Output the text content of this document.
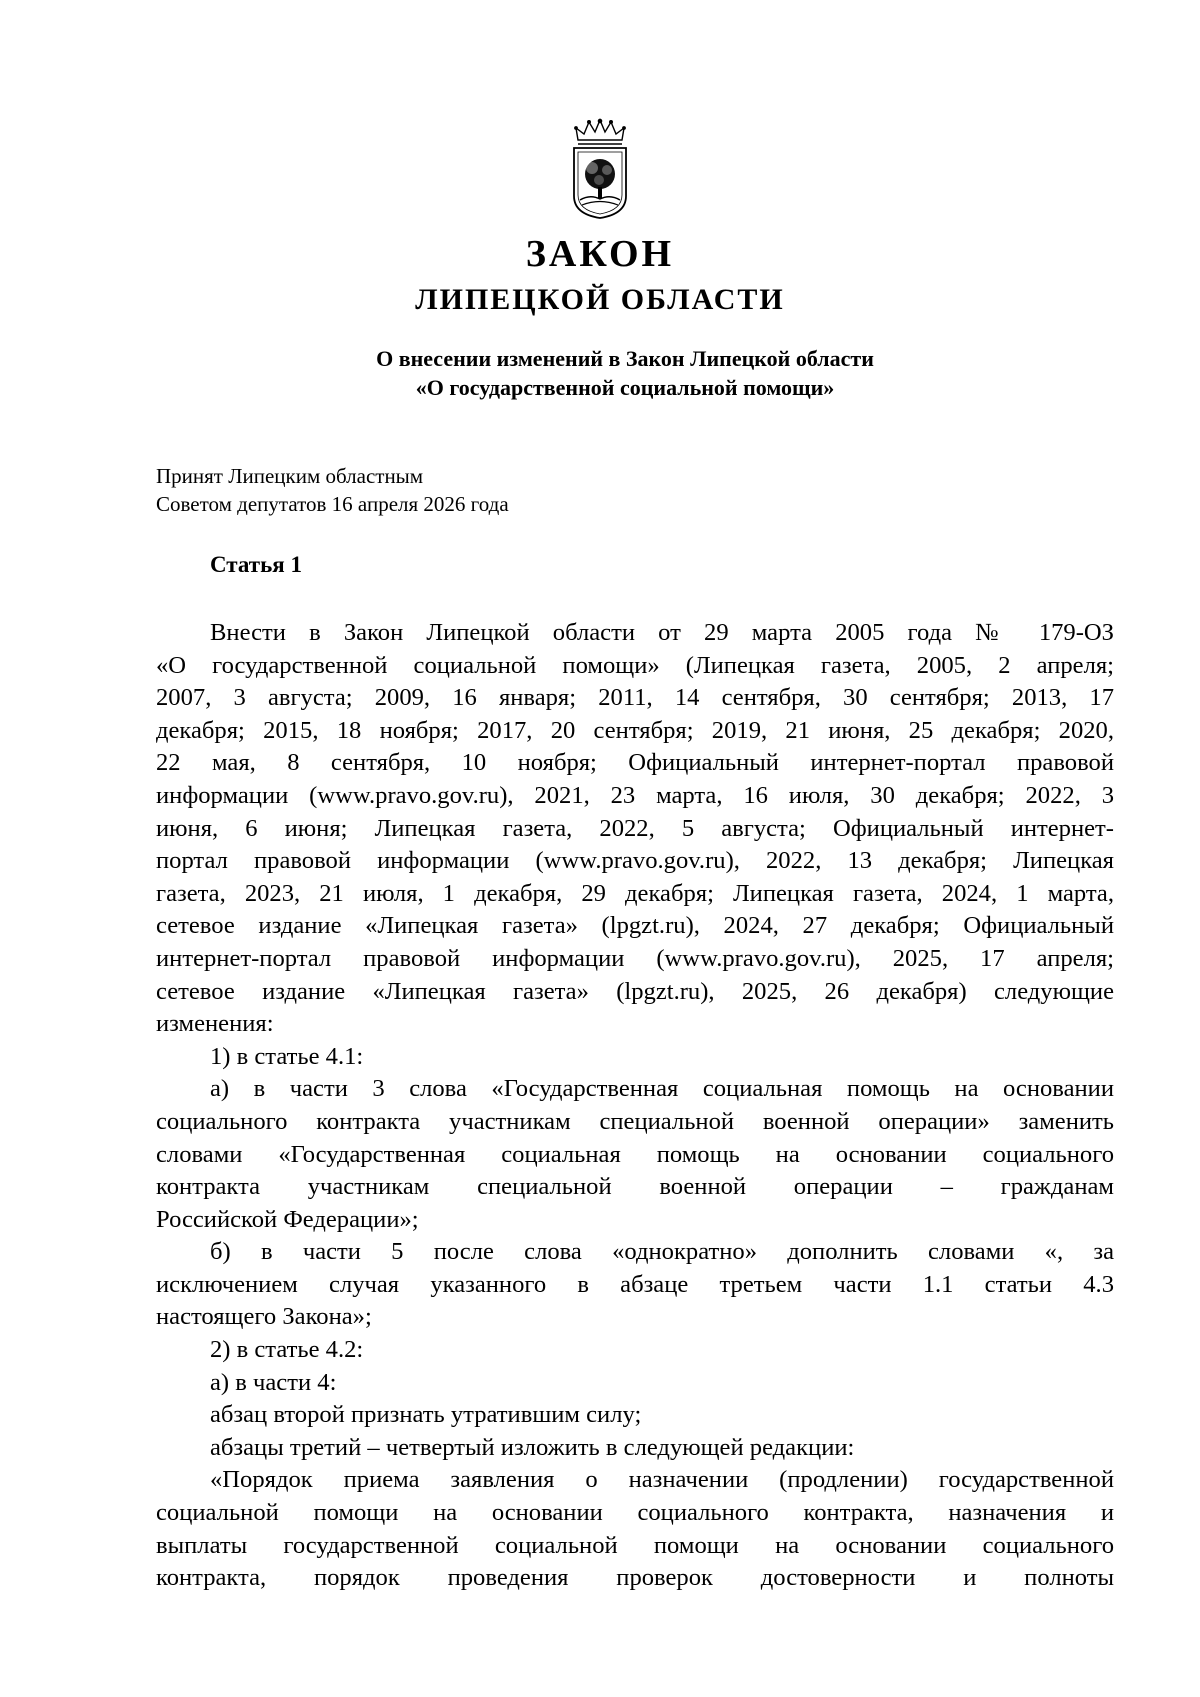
ЗАКОН
ЛИПЕЦКОЙ ОБЛАСТИ
О внесении изменений в Закон Липецкой области
«О государственной социальной помощи»
Принят Липецким областным
Советом депутатов 16 апреля 2026 года
Статья 1
Внести в Закон Липецкой области от 29 марта 2005 года № 179-ОЗ
«О государственной социальной помощи» (Липецкая газета, 2005, 2 апреля;
2007, 3 августа; 2009, 16 января; 2011, 14 сентября, 30 сентября; 2013, 17
декабря; 2015, 18 ноября; 2017, 20 сентября; 2019, 21 июня, 25 декабря; 2020,
22 мая, 8 сентября, 10 ноября; Официальный интернет-портал правовой
информации (www.pravo.gov.ru), 2021, 23 марта, 16 июля, 30 декабря; 2022, 3
июня, 6 июня; Липецкая газета, 2022, 5 августа; Официальный интернет-
портал правовой информации (www.pravo.gov.ru), 2022, 13 декабря; Липецкая
газета, 2023, 21 июля, 1 декабря, 29 декабря; Липецкая газета, 2024, 1 марта,
сетевое издание «Липецкая газета» (lpgzt.ru), 2024, 27 декабря; Официальный
интернет-портал правовой информации (www.pravo.gov.ru), 2025, 17 апреля;
сетевое издание «Липецкая газета» (lpgzt.ru), 2025, 26 декабря) следующие
изменения:
1) в статье 4.1:
а) в части 3 слова «Государственная социальная помощь на основании
социального контракта участникам специальной военной операции» заменить
словами «Государственная социальная помощь на основании социального
контракта участникам специальной военной операции – гражданам
Российской Федерации»;
б) в части 5 после слова «однократно» дополнить словами «, за
исключением случая указанного в абзаце третьем части 1.1 статьи 4.3
настоящего Закона»;
2) в статье 4.2:
а) в части 4:
абзац второй признать утратившим силу;
абзацы третий – четвертый изложить в следующей редакции:
«Порядок приема заявления о назначении (продлении) государственной
социальной помощи на основании социального контракта, назначения и
выплаты государственной социальной помощи на основании социального
контракта, порядок проведения проверок достоверности и полноты
